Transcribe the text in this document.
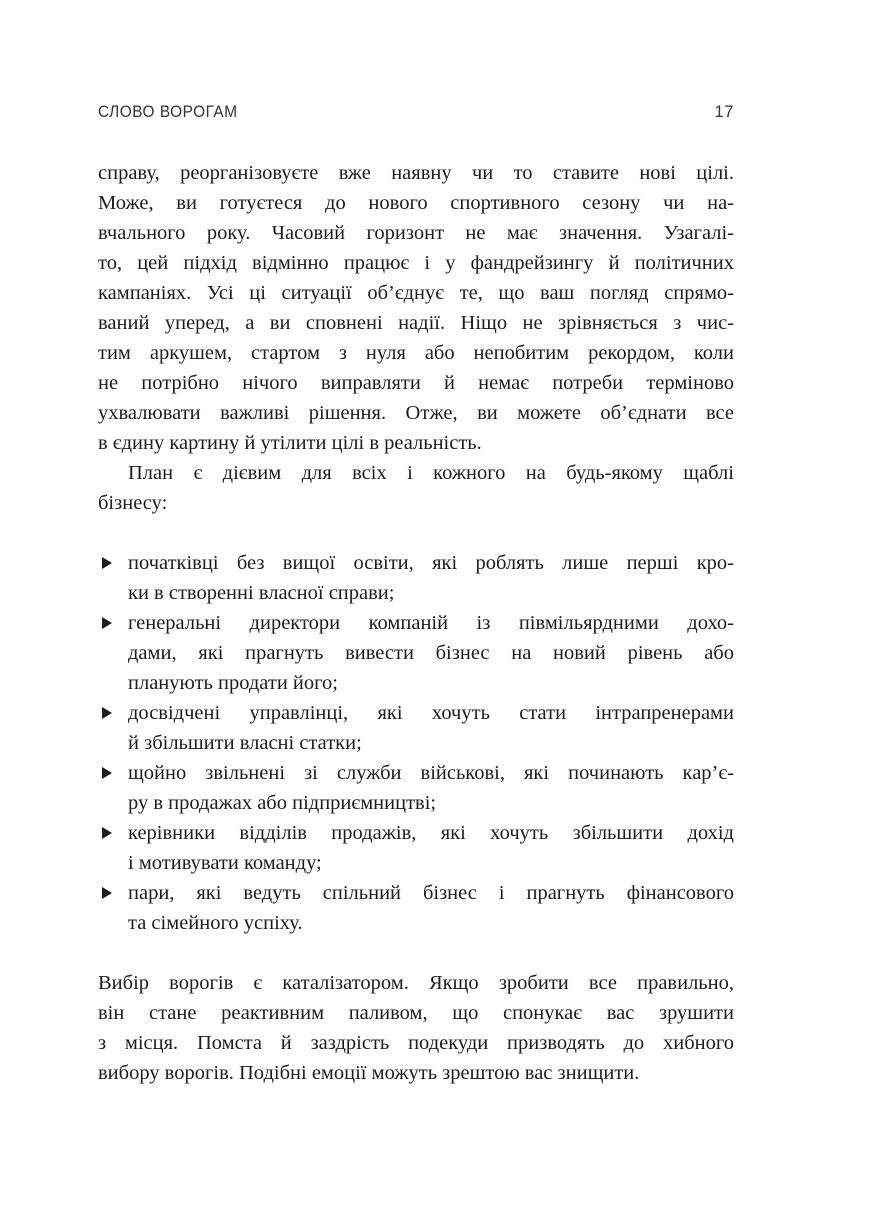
СЛОВО ВОРОГАМ	17
справу, реорганізовуєте вже наявну чи то ставите нові цілі.
Може, ви готуєтеся до нового спортивного сезону чи на-
вчального року. Часовий горизонт не має значення. Узагалі-
то, цей підхід відмінно працює і у фандрейзингу й політичних
кампаніях. Усі ці ситуації об’єднує те, що ваш погляд спрямо-
ваний уперед, а ви сповнені надії. Ніщо не зрівняється з чис-
тим аркушем, стартом з нуля або непобитим рекордом, коли
не потрібно нічого виправляти й немає потреби терміново
ухвалювати важливі рішення. Отже, ви можете об’єднати все
в єдину картину й утілити цілі в реальність.
План є дієвим для всіх і кожного на будь-якому щаблі
бізнесу:
початківці без вищої освіти, які роблять лише перші кро-
ки в створенні власної справи;
генеральні директори компаній із півмільярдними дохо-
дами, які прагнуть вивести бізнес на новий рівень або
планують продати його;
досвідчені управлінці, які хочуть стати інтрапренерами
й збільшити власні статки;
щойно звільнені зі служби військові, які починають кар’є-
ру в продажах або підприємництві;
керівники відділів продажів, які хочуть збільшити дохід
і мотивувати команду;
пари, які ведуть спільний бізнес і прагнуть фінансового
та сімейного успіху.
Вибір ворогів є каталізатором. Якщо зробити все правильно,
він стане реактивним паливом, що спонукає вас зрушити
з місця. Помста й заздрість подекуди призводять до хибного
вибору ворогів. Подібні емоції можуть зрештою вас знищити.
